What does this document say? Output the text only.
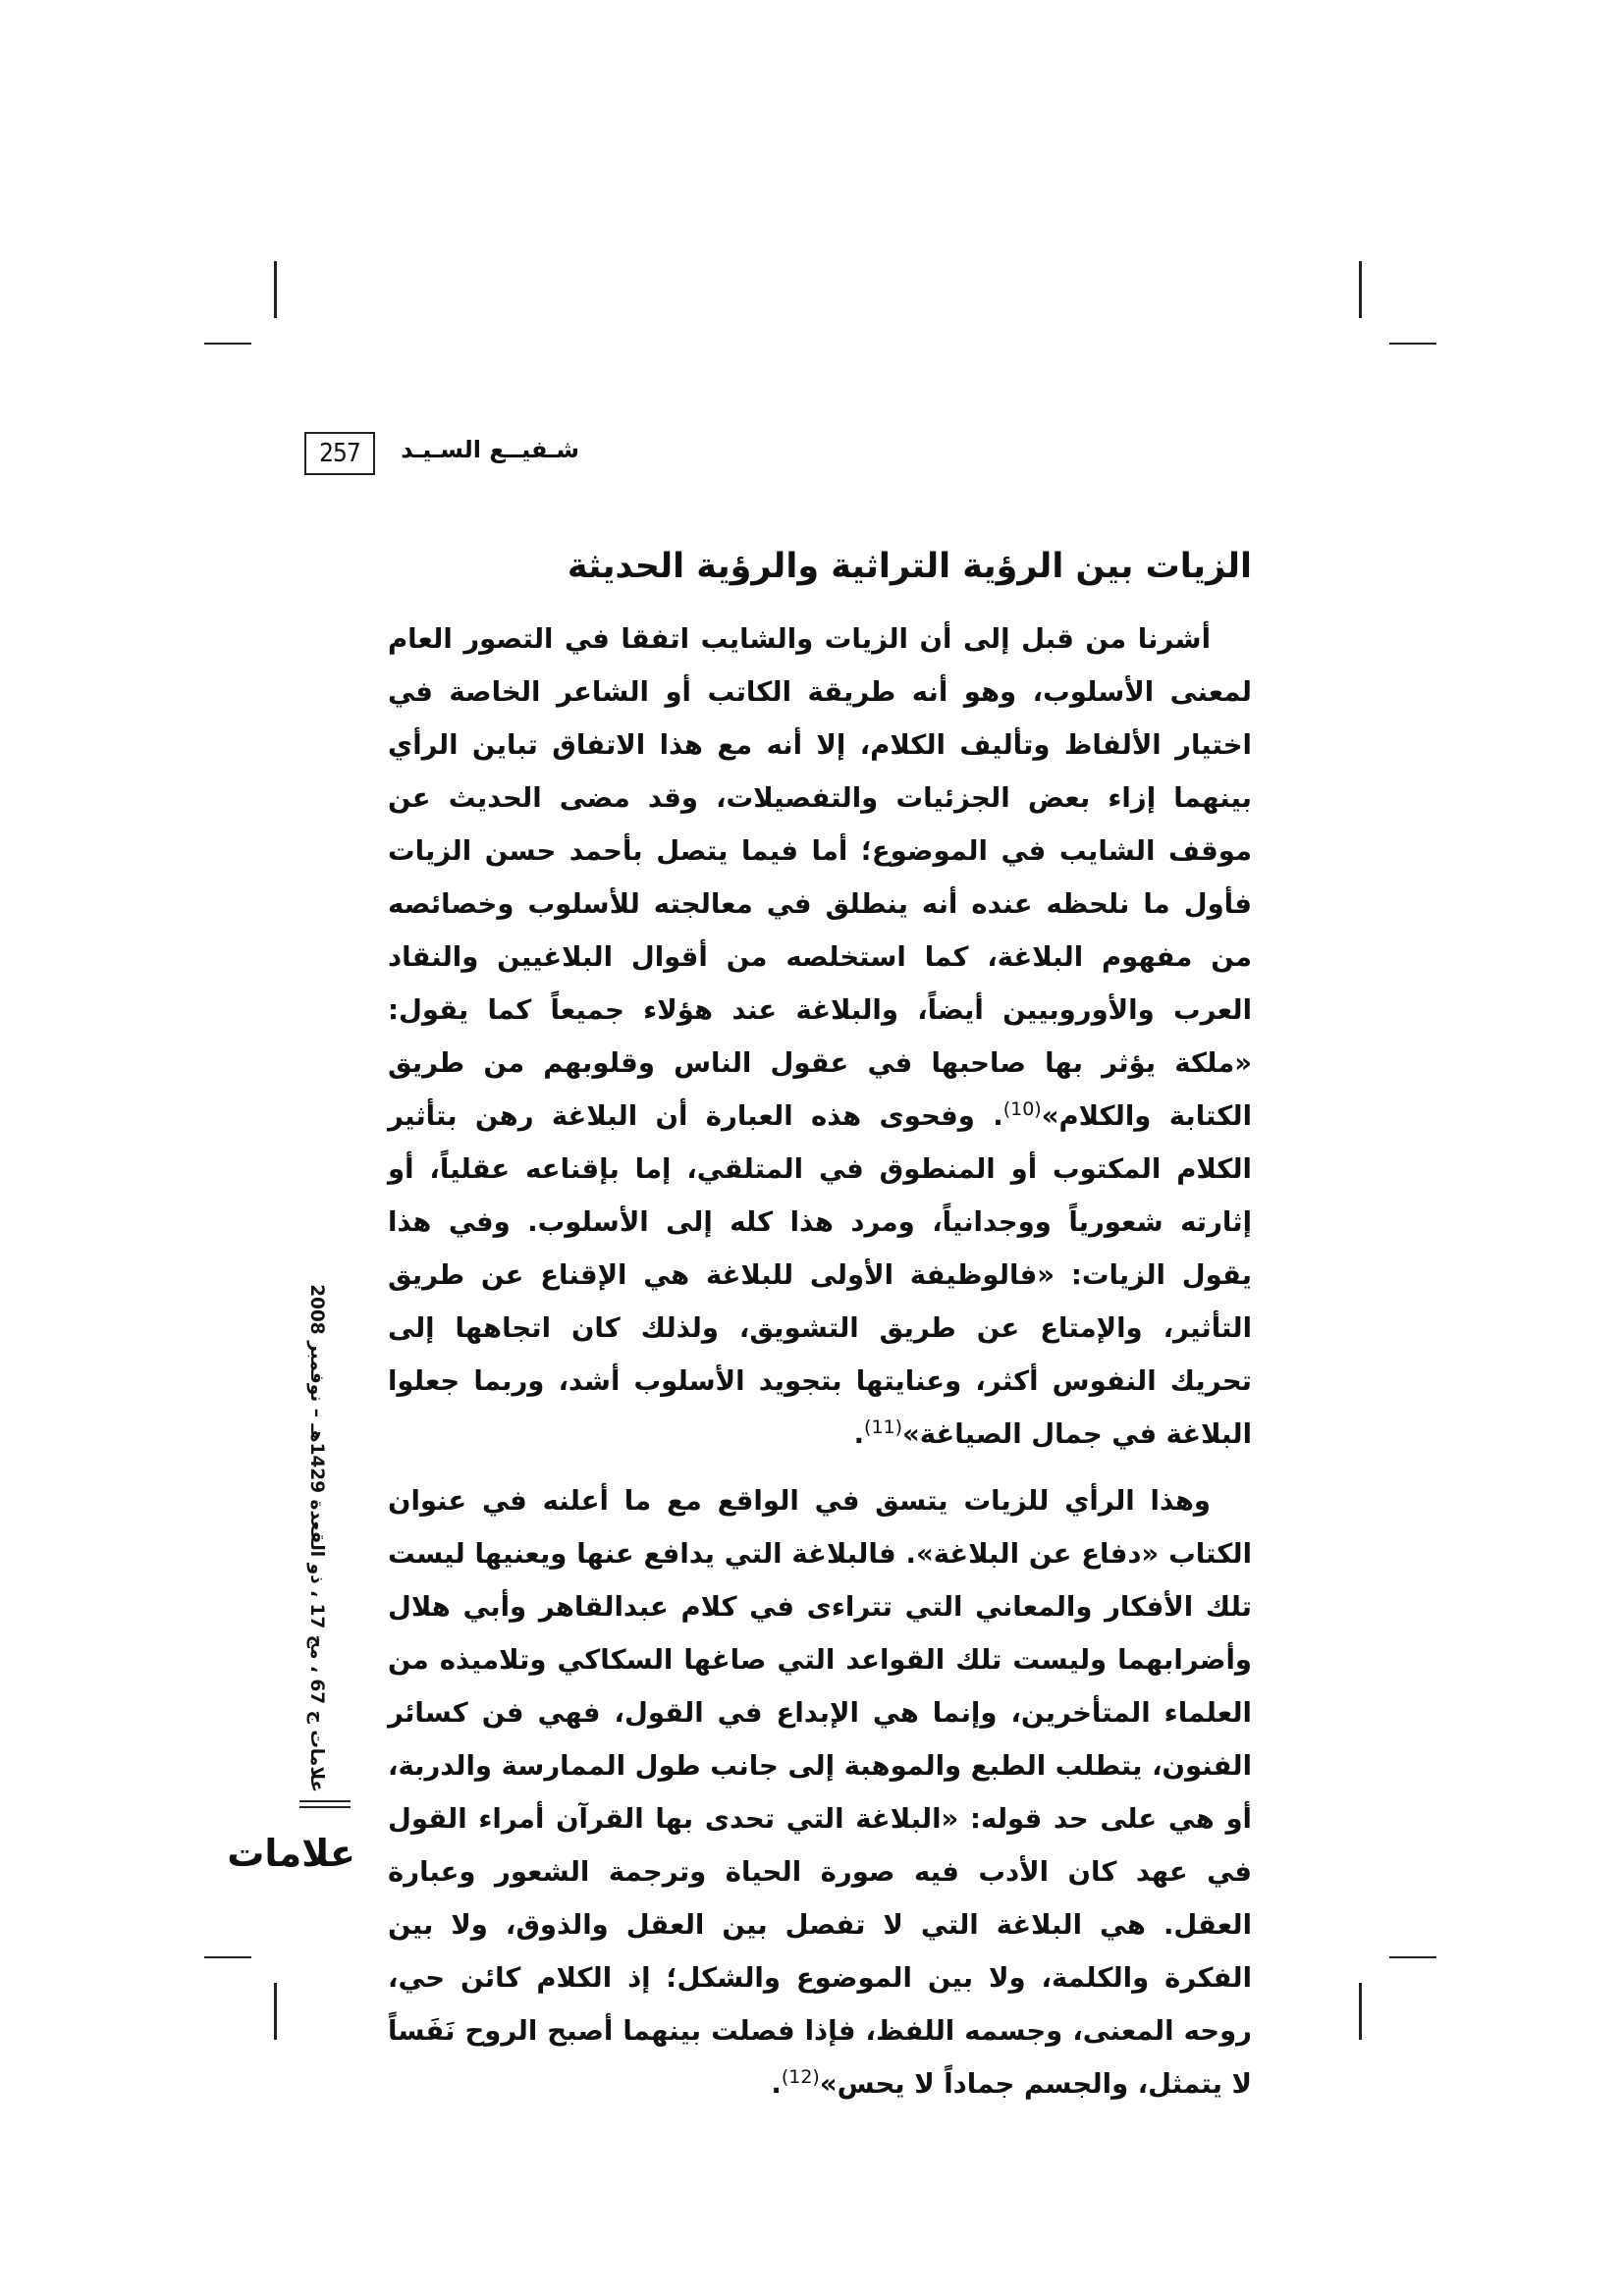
257	شـفيــع السـيـد
الزيات بين الرؤية التراثية والرؤية الحديثة

أشرنا من قبل إلى أن الزيات والشايب اتفقا في التصور العام لمعنى الأسلوب، وهو أنه طريقة الكاتب أو الشاعر الخاصة في اختيار الألفاظ وتأليف الكلام، إلا أنه مع هذا الاتفاق تباين الرأي بينهما إزاء بعض الجزئيات والتفصيلات، وقد مضى الحديث عن موقف الشايب في الموضوع؛ أما فيما يتصل بأحمد حسن الزيات فأول ما نلحظه عنده أنه ينطلق في معالجته للأسلوب وخصائصه من مفهوم البلاغة، كما استخلصه من أقوال البلاغيين والنقاد العرب والأوروبيين أيضاً، والبلاغة عند هؤلاء جميعاً كما يقول: «ملكة يؤثر بها صاحبها في عقول الناس وقلوبهم من طريق الكتابة والكلام»$^{(10)}$. وفحوى هذه العبارة أن البلاغة رهن بتأثير الكلام المكتوب أو المنطوق في المتلقي، إما بإقناعه عقلياً، أو إثارته شعورياً ووجدانياً، ومرد هذا كله إلى الأسلوب. وفي هذا يقول الزيات: «فالوظيفة الأولى للبلاغة هي الإقناع عن طريق التأثير، والإمتاع عن طريق التشويق، ولذلك كان اتجاهها إلى تحريك النفوس أكثر، وعنايتها بتجويد الأسلوب أشد، وربما جعلوا البلاغة في جمال الصياغة»$^{(11)}$.

وهذا الرأي للزيات يتسق في الواقع مع ما أعلنه في عنوان الكتاب «دفاع عن البلاغة». فالبلاغة التي يدافع عنها ويعنيها ليست تلك الأفكار والمعاني التي تتراءى في كلام عبدالقاهر وأبي هلال وأضرابهما وليست تلك القواعد التي صاغها السكاكي وتلاميذه من العلماء المتأخرين، وإنما هي الإبداع في القول، فهي فن كسائر الفنون، يتطلب الطبع والموهبة إلى جانب طول الممارسة والدربة، أو هي على حد قوله: «البلاغة التي تحدى بها القرآن أمراء القول في عهد كان الأدب فيه صورة الحياة وترجمة الشعور وعبارة العقل. هي البلاغة التي لا تفصل بين العقل والذوق، ولا بين الفكرة والكلمة، ولا بين الموضوع والشكل؛ إذ الكلام كائن حي، روحه المعنى، وجسمه اللفظ، فإذا فصلت بينهما أصبح الروح نَفَساً لا يتمثل، والجسم جماداً لا يحس»$^{(12)}$.

علامات ج 67 ، مج 17 ، ذو القعدة 1429هـ – نوفمبر 2008
علامات
